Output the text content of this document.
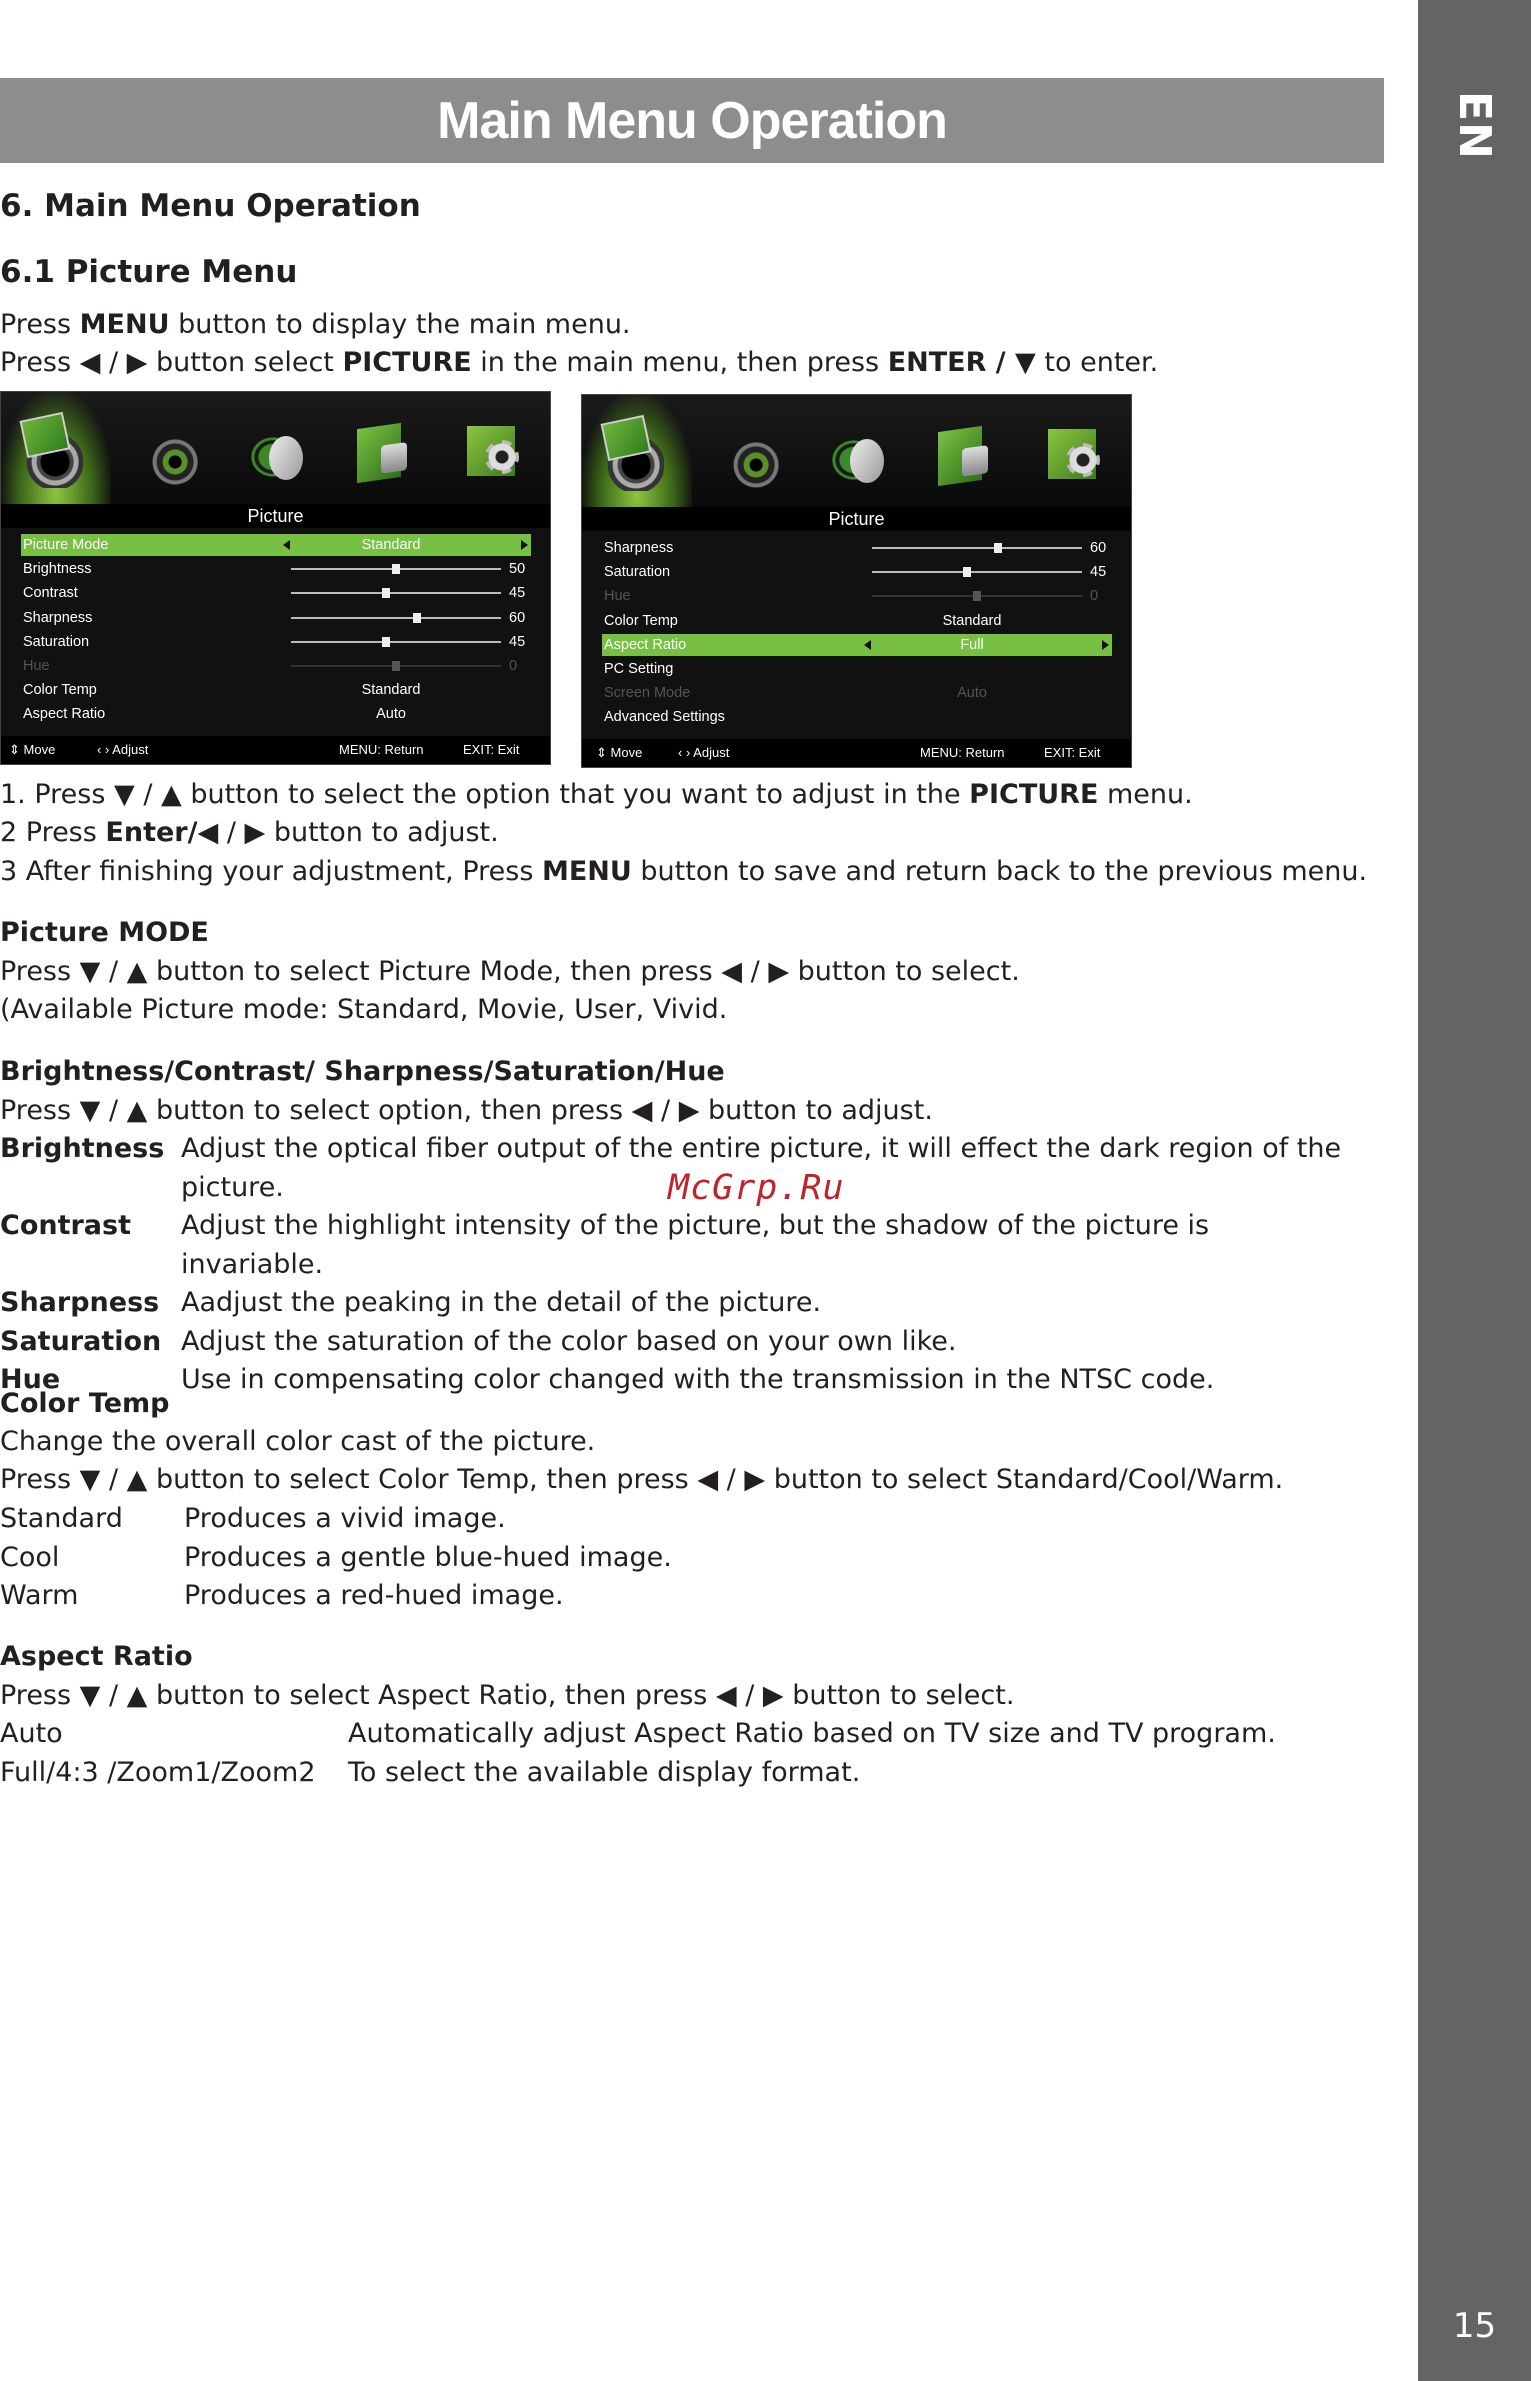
EN
15
Main Menu Operation
6. Main Menu Operation
6.1 Picture Menu
Press MENU button to display the main menu.
Press ◀ / ▶ button select PICTURE in the main menu, then press ENTER / ▼ to enter.
Picture
Picture Mode	Standard
Brightness	50
Contrast	45
Sharpness	60
Saturation	45
Hue	0
Color Temp	Standard
Aspect Ratio	Auto
⇕ Move	‹ › Adjust	MENU: Return	EXIT: Exit
Picture
Sharpness	60
Saturation	45
Hue	0
Color Temp	Standard
Aspect Ratio	Full
PC Setting
Screen Mode	Auto
Advanced Settings
⇕ Move	‹ › Adjust	MENU: Return	EXIT: Exit
1. Press ▼ / ▲ button to select the option that you want to adjust in the PICTURE menu.
2 Press Enter/◀ / ▶ button to adjust.
3 After finishing your adjustment, Press MENU button to save and return back to the previous menu.
Picture MODE
Press ▼ / ▲ button to select Picture Mode, then press ◀ / ▶ button to select.
(Available Picture mode: Standard, Movie, User, Vivid.
Brightness/Contrast/ Sharpness/Saturation/Hue
Press ▼ / ▲ button to select option, then press ◀ / ▶ button to adjust.
Brightness Adjust the optical fiber output of the entire picture, it will effect the dark region of the picture.
Contrast	Adjust the highlight intensity of the picture, but the shadow of the picture is invariable.
Sharpness Aadjust the peaking in the detail of the picture.
Saturation Adjust the saturation of the color based on your own like.
Hue	Use in compensating color changed with the transmission in the NTSC code.
McGrp.Ru
Color Temp
Change the overall color cast of the picture.
Press ▼ / ▲ button to select Color Temp, then press ◀ / ▶ button to select Standard/Cool/Warm.
Standard	Produces a vivid image.
Cool	Produces a gentle blue-hued image.
Warm	Produces a red-hued image.
Aspect Ratio
Press ▼ / ▲ button to select Aspect Ratio, then press ◀ / ▶ button to select.
Auto	Automatically adjust Aspect Ratio based on TV size and TV program.
Full/4:3 /Zoom1/Zoom2	To select the available display format.
